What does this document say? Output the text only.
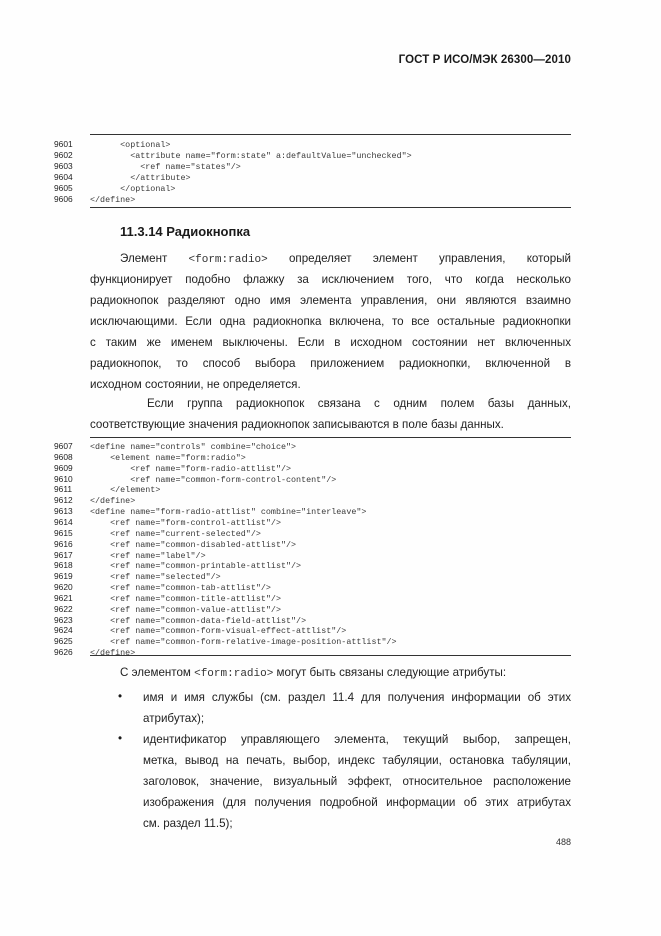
ГОСТ Р ИСО/МЭК 26300—2010
9601      <optional>
9602        <attribute name="form:state" a:defaultValue="unchecked">
9603          <ref name="states"/>
9604        </attribute>
9605      </optional>
9606 </define>
11.3.14 Радиокнопка
Элемент <form:radio> определяет элемент управления, который
функционирует подобно флажку за исключением того, что когда несколько
радиокнопок разделяют одно имя элемента управления, они являются взаимно
исключающими. Если одна радиокнопка включена, то все остальные радиокнопки
с таким же именем выключены. Если в исходном состоянии нет включенных
радиокнопок, то способ выбора приложением радиокнопки, включенной в
исходном состоянии, не определяется.
Если группа радиокнопок связана с одним полем базы данных,
соответствующие значения радиокнопок записываются в поле базы данных.
9607 <define name="controls" combine="choice">
9608    <element name="form:radio">
9609        <ref name="form-radio-attlist"/>
9610        <ref name="common-form-control-content"/>
9611    </element>
9612 </define>
9613 <define name="form-radio-attlist" combine="interleave">
9614    <ref name="form-control-attlist"/>
9615    <ref name="current-selected"/>
9616    <ref name="common-disabled-attlist"/>
9617    <ref name="label"/>
9618    <ref name="common-printable-attlist"/>
9619    <ref name="selected"/>
9620    <ref name="common-tab-attlist"/>
9621    <ref name="common-title-attlist"/>
9622    <ref name="common-value-attlist"/>
9623    <ref name="common-data-field-attlist"/>
9624    <ref name="common-form-visual-effect-attlist"/>
9625    <ref name="common-form-relative-image-position-attlist"/>
9626 </define>
С элементом <form:radio> могут быть связаны следующие атрибуты:
• имя и имя службы (см. раздел 11.4 для получения информации об этих
атрибутах);
• идентификатор управляющего элемента, текущий выбор, запрещен,
метка, вывод на печать, выбор, индекс табуляции, остановка табуляции,
заголовок, значение, визуальный эффект, относительное расположение
изображения (для получения подробной информации об этих атрибутах
см. раздел 11.5);
488
